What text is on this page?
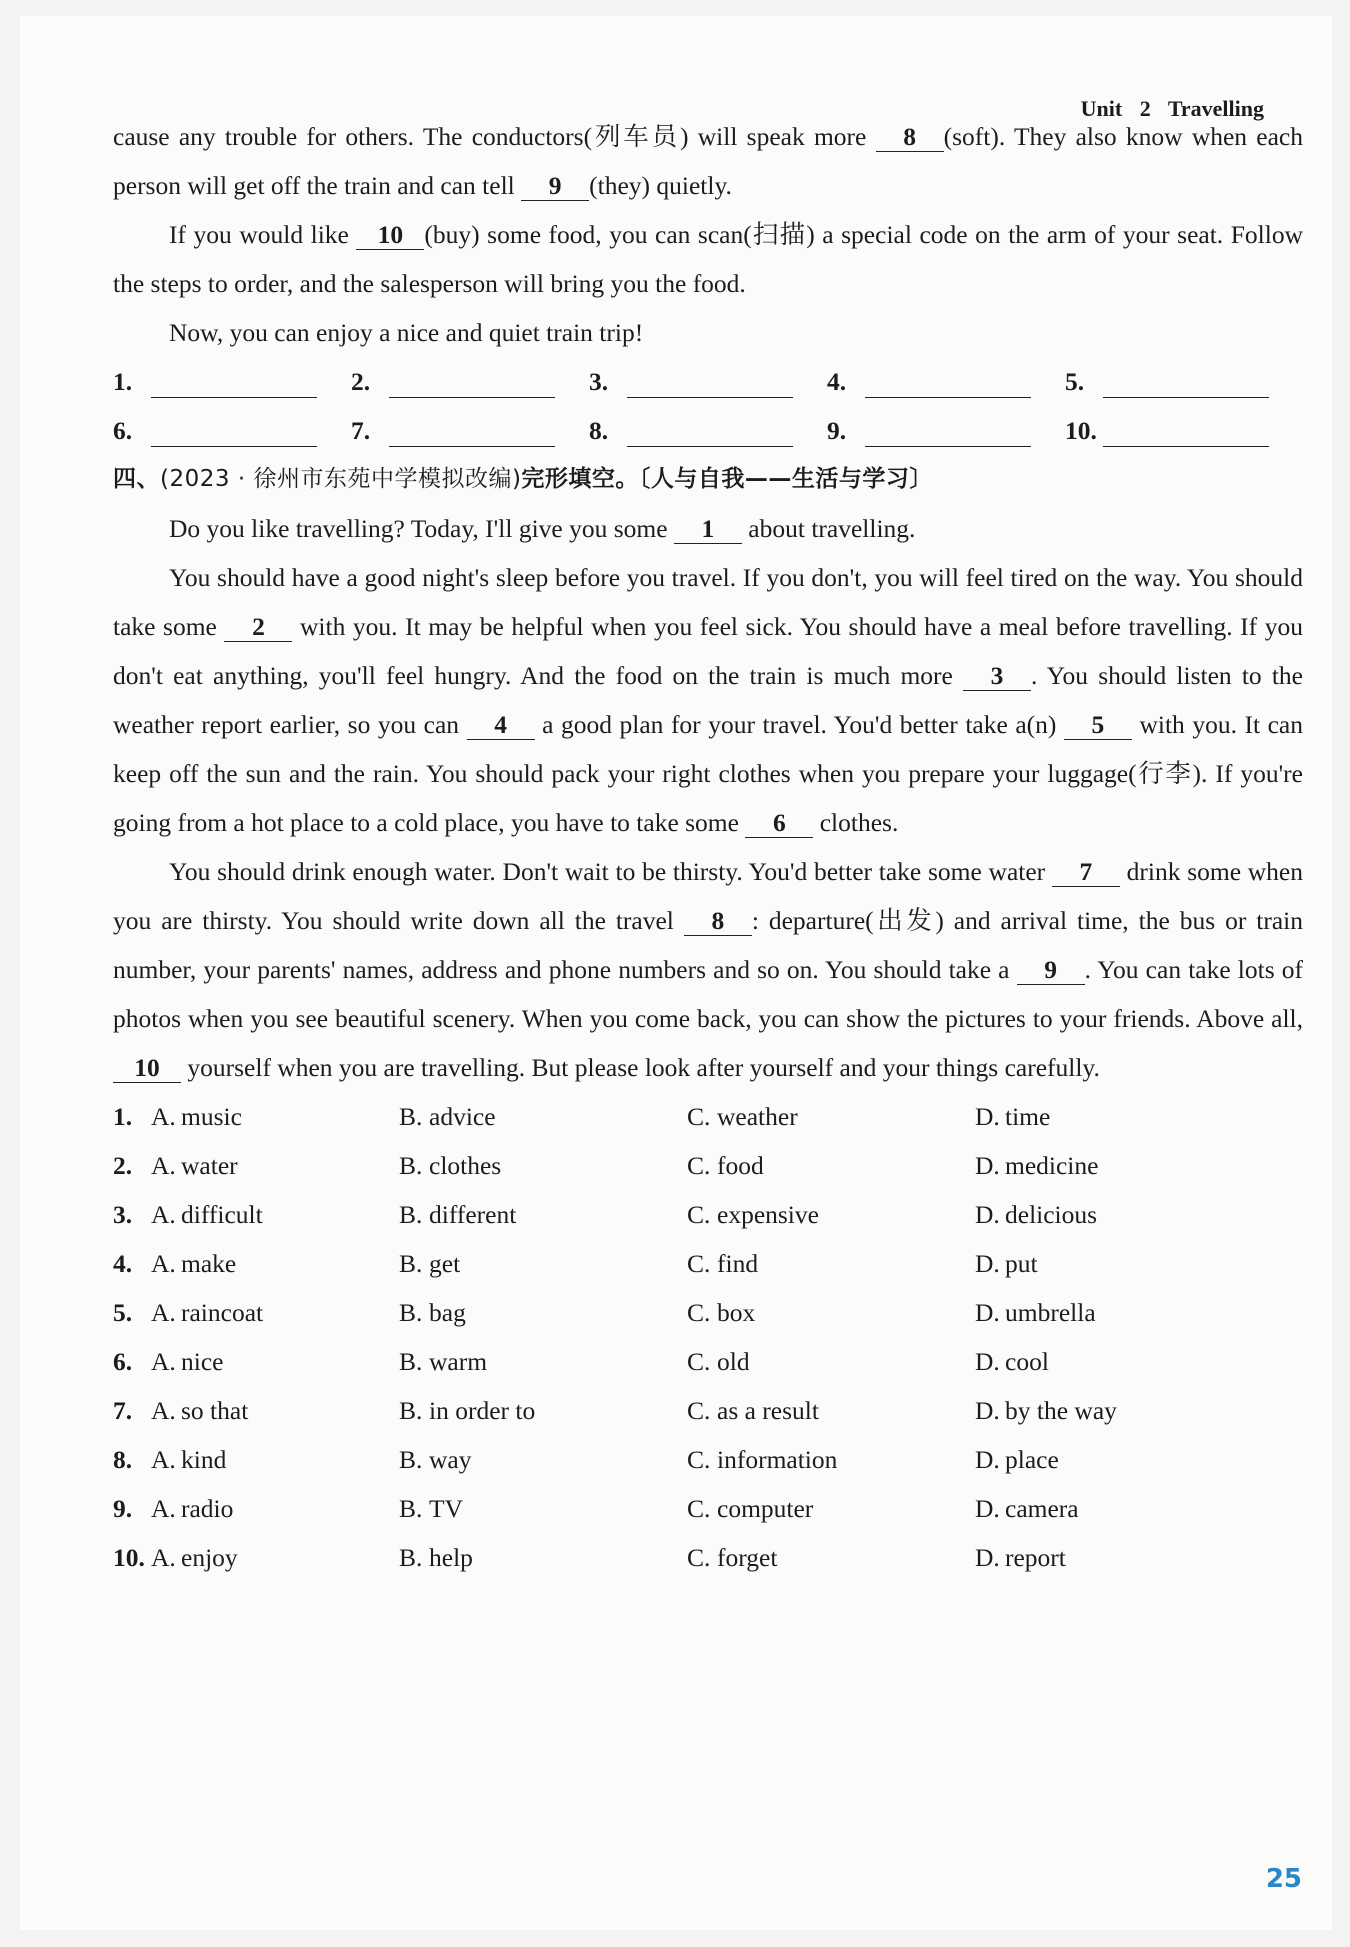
Unit 2 Travelling

cause any trouble for others. The conductors(列车员) will speak more 8 (soft). They also know when each person will get off the train and can tell 9 (they) quietly.

If you would like 10 (buy) some food, you can scan(扫描) a special code on the arm of your seat. Follow the steps to order, and the salesperson will bring you the food.

Now, you can enjoy a nice and quiet train trip!

1.	2.	3.	4.	5.
6.	7.	8.	9.	10.
四、(2023 · 徐州市东苑中学模拟改编)完形填空。〔人与自我——生活与学习〕

Do you like travelling? Today, I'll give you some 1 about travelling.

You should have a good night's sleep before you travel. If you don't, you will feel tired on the way. You should take some 2 with you. It may be helpful when you feel sick. You should have a meal before travelling. If you don't eat anything, you'll feel hungry. And the food on the train is much more 3 . You should listen to the weather report earlier, so you can 4 a good plan for your travel. You'd better take a(n) 5 with you. It can keep off the sun and the rain. You should pack your right clothes when you prepare your luggage(行李). If you're going from a hot place to a cold place, you have to take some 6 clothes.

You should drink enough water. Don't wait to be thirsty. You'd better take some water 7 drink some when you are thirsty. You should write down all the travel 8 : departure(出发) and arrival time, the bus or train number, your parents' names, address and phone numbers and so on. You should take a 9 . You can take lots of photos when you see beautiful scenery. When you come back, you can show the pictures to your friends. Above all, 10 yourself when you are travelling. But please look after yourself and your things carefully.

1. A. music	B. advice	C. weather	D. time
2. A. water	B. clothes	C. food	D. medicine
3. A. difficult	B. different	C. expensive	D. delicious
4. A. make	B. get	C. find	D. put
5. A. raincoat	B. bag	C. box	D. umbrella
6. A. nice	B. warm	C. old	D. cool
7. A. so that	B. in order to	C. as a result	D. by the way
8. A. kind	B. way	C. information	D. place
9. A. radio	B. TV	C. computer	D. camera
10. A. enjoy	B. help	C. forget	D. report
25
